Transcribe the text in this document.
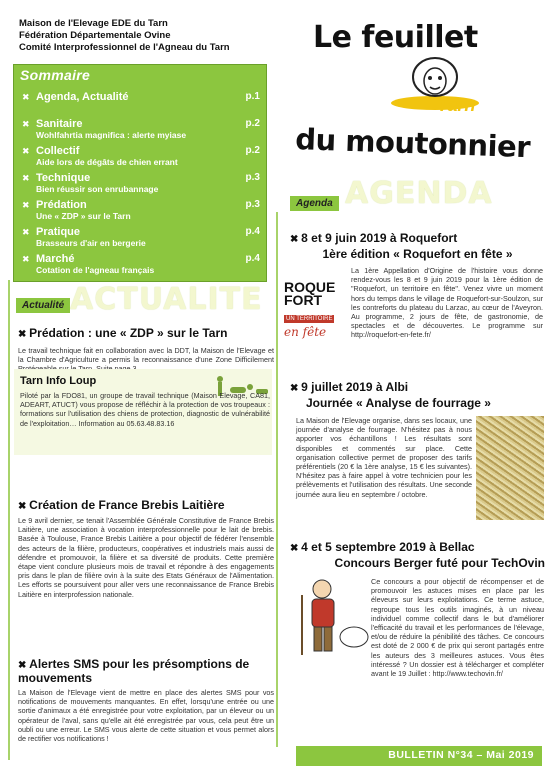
Maison de l'Elevage EDE du Tarn
Fédération Départementale Ovine
Comité Interprofessionnel de l'Agneau du Tarn	Le feuillet
Tarn
du moutonnier
Sommaire
✖ Agenda, Actualité	p.1
✖ Sanitaire
Wohlfahrtia magnifica : alerte myiase
p.2
✖ Collectif
Aide lors de dégâts de chien errant
p.2
✖ Technique
Bien réussir son enrubannage
p.3
✖ Prédation
Une « ZDP » sur le Tarn
p.3
✖ Pratique
Brasseurs d'air en bergerie
p.4
✖ Marché
Cotation de l'agneau français
p.4
ACTUALITE
Actualité
✖ Prédation : une « ZDP » sur le Tarn

Le travail technique fait en collaboration avec la DDT, la Maison de l'Elevage et la Chambre d'Agriculture a permis la reconnaissance d'une Zone Difficilement

Tarn Info Loup

Piloté par la FDO81, un groupe de travail technique (Maison Elevage, CA81, ADEART, ATUCT) vous propose de réfléchir à la protection de vos troupeaux : formations sur l'utilisation des chiens de protection, diagnostic de vulnérabilité de l'exploitation… Information au 05.63.48.83.16

✖ Création de France Brebis Laitière

Le 9 avril dernier, se tenait l'Assemblée Générale Constitutive de France Brebis Laitière, une association à vocation interprofessionnelle pour le lait de brebis. Basée à Toulouse, France Brebis Laitière a pour objectif de fédérer l'ensemble des acteurs de la filière, producteurs, coopératives et industriels mais aussi de défendre et promouvoir, la filière et sa diversité de produits. Cette première étape vient conclure plusieurs mois de travail et répondre à des engagements pris dans le plan de filière ovin à la suite des Etats Généraux de l'Alimentation. Les efforts se poursuivent pour aller vers une reconnaissance de France Brebis Laitière en interprofession nationale.

✖ Alertes SMS pour les présomptions de mouvements

La Maison de l'Elevage vient de mettre en place des alertes SMS pour vos notifications de mouvements manquantes. En effet, lorsqu'une entrée ou une sortie d'animaux a été enregistrée pour votre exploitation, par un éleveur ou un opérateur de l'aval, sans qu'elle ait été enregistrée par vous, cela peut être un oubli ou une erreur. Le SMS vous alerte de cette situation et vous permet alors de rectifier vos notifications !

AGENDA
Agenda
✖ 8 et 9 juin 2019 à Roquefort
1ère édition « Roquefort en fête »
ROQUE
FORT
UN TERRITOIRE
en fête

La 1ère Appellation d'Origine de l'histoire vous donne rendez-vous les 8 et 9 juin 2019 pour la 1ère édition de "Roquefort, un territoire en fête". Venez vivre un moment hors du temps dans le village de Roquefort-sur-Soulzon, sur les contreforts du plateau du Larzac, au cœur de l'Aveyron. Au programme, 2 jours de fête, de gastronomie, de spectacles et de découvertes. Le programme sur http://roquefort-en-fete.fr/

✖ 9 juillet 2019 à Albi
Journée « Analyse de fourrage »

La Maison de l'Elevage organise, dans ses locaux, une journée d'analyse de fourrage. N'hésitez pas à nous apporter vos échantillons ! Les résultats sont disponibles et commentés sur place. Cette organisation collective permet de proposer des tarifs préférentiels (20 € la 1ère analyse, 15 € les suivantes). N'hésitez pas à faire appel à votre technicien pour les prélèvements et l'utilisation des résultats. Une seconde journée aura lieu en septembre / octobre.

✖ 4 et 5 septembre 2019 à Bellac
Concours Berger futé pour TechOvin

Ce concours a pour objectif de récompenser et de promouvoir les astuces mises en place par les éleveurs sur leurs exploitations. Ce terme astuce, regroupe tous les outils imaginés, à un niveau individuel comme collectif dans le but d'améliorer l'efficacité du travail et les performances de l'élevage, et/ou de réduire la pénibilité des tâches. Ce concours est doté de 2 000 € de prix qui seront partagés entre les auteurs des 3 meilleures astuces. Vous êtes intéressé ? Un dossier est à télécharger et compléter avant le 19 Juillet : http://www.techovin.fr/

BULLETIN N°34 – Mai 2019
